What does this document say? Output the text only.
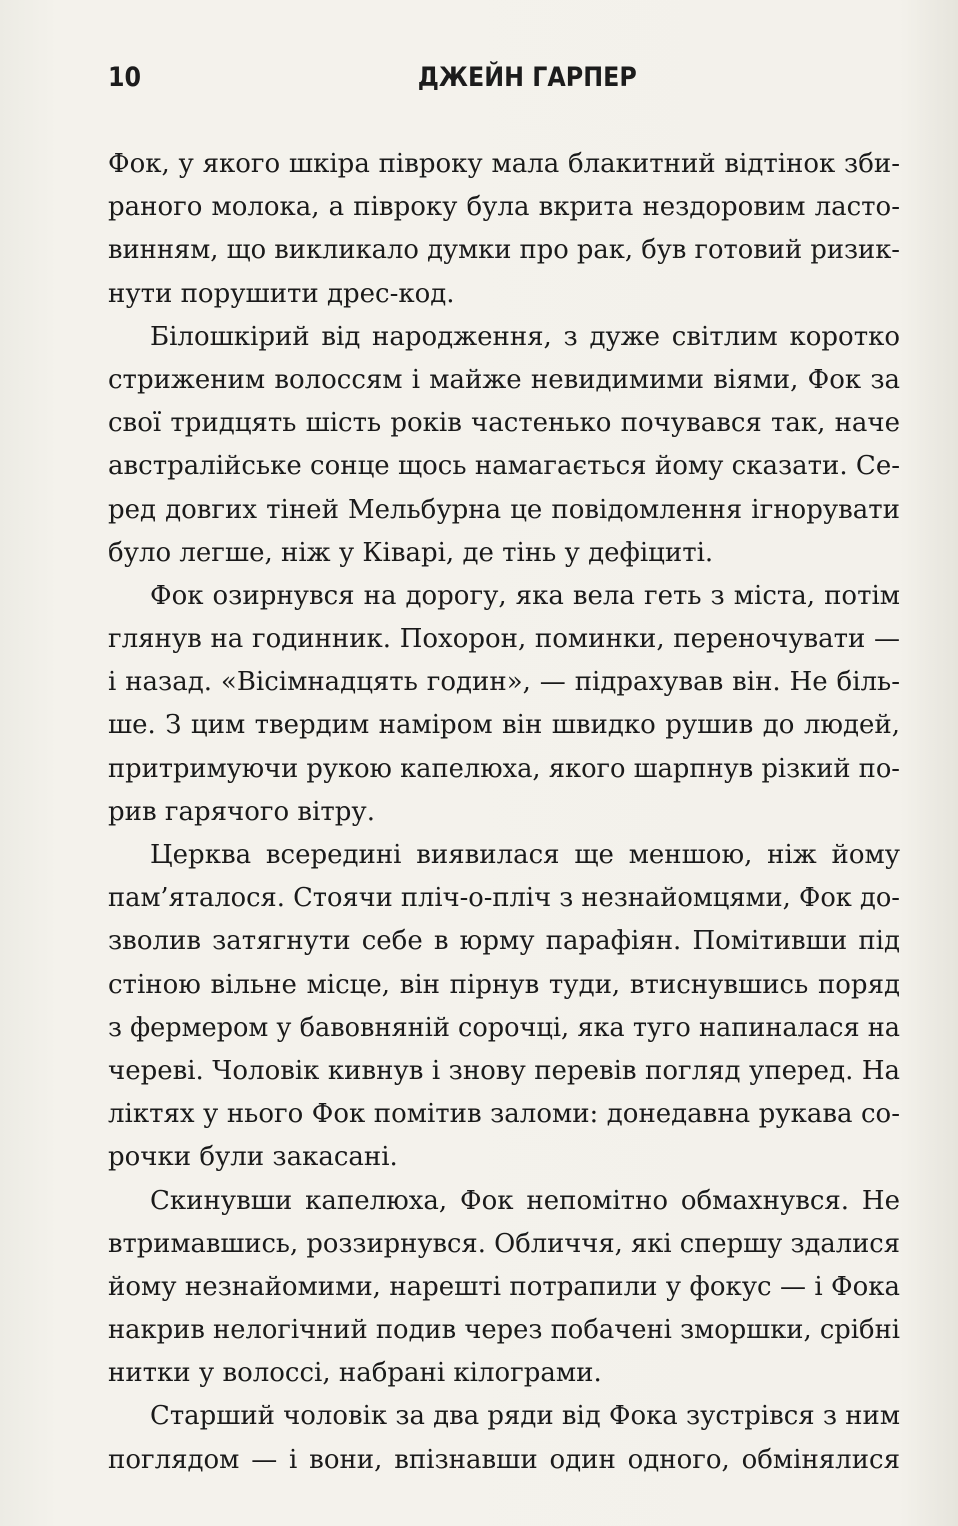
10	ДЖЕЙН ГАРПЕР
Фок, у якого шкіра півроку мала блакитний відтінок зби-
раного молока, а півроку була вкрита нездоровим ласто-
винням, що викликало думки про рак, був готовий ризик-
нути порушити дрес-код.
Білошкірий від народження, з дуже світлим коротко
стриженим волоссям і майже невидимими віями, Фок за
свої тридцять шість років частенько почувався так, наче
австралійське сонце щось намагається йому сказати. Се-
ред довгих тіней Мельбурна це повідомлення ігнорувати
було легше, ніж у Ківарі, де тінь у дефіциті.
Фок озирнувся на дорогу, яка вела геть з міста, потім
глянув на годинник. Похорон, поминки, переночувати —
і назад. «Вісімнадцять годин», — підрахував він. Не біль-
ше. З цим твердим наміром він швидко рушив до людей,
притримуючи рукою капелюха, якого шарпнув різкий по-
рив гарячого вітру.
Церква всередині виявилася ще меншою, ніж йому
пам’яталося. Стоячи пліч-о-пліч з незнайомцями, Фок до-
зволив затягнути себе в юрму парафіян. Помітивши під
стіною вільне місце, він пірнув туди, втиснувшись поряд
з фермером у бавовняній сорочці, яка туго напиналася на
череві. Чоловік кивнув і знову перевів погляд уперед. На
ліктях у нього Фок помітив заломи: донедавна рукава со-
рочки були закасані.
Скинувши капелюха, Фок непомітно обмахнувся. Не
втримавшись, роззирнувся. Обличчя, які спершу здалися
йому незнайомими, нарешті потрапили у фокус — і Фока
накрив нелогічний подив через побачені зморшки, срібні
нитки у волоссі, набрані кілограми.
Старший чоловік за два ряди від Фока зустрівся з ним
поглядом — і вони, впізнавши один одного, обмінялися
